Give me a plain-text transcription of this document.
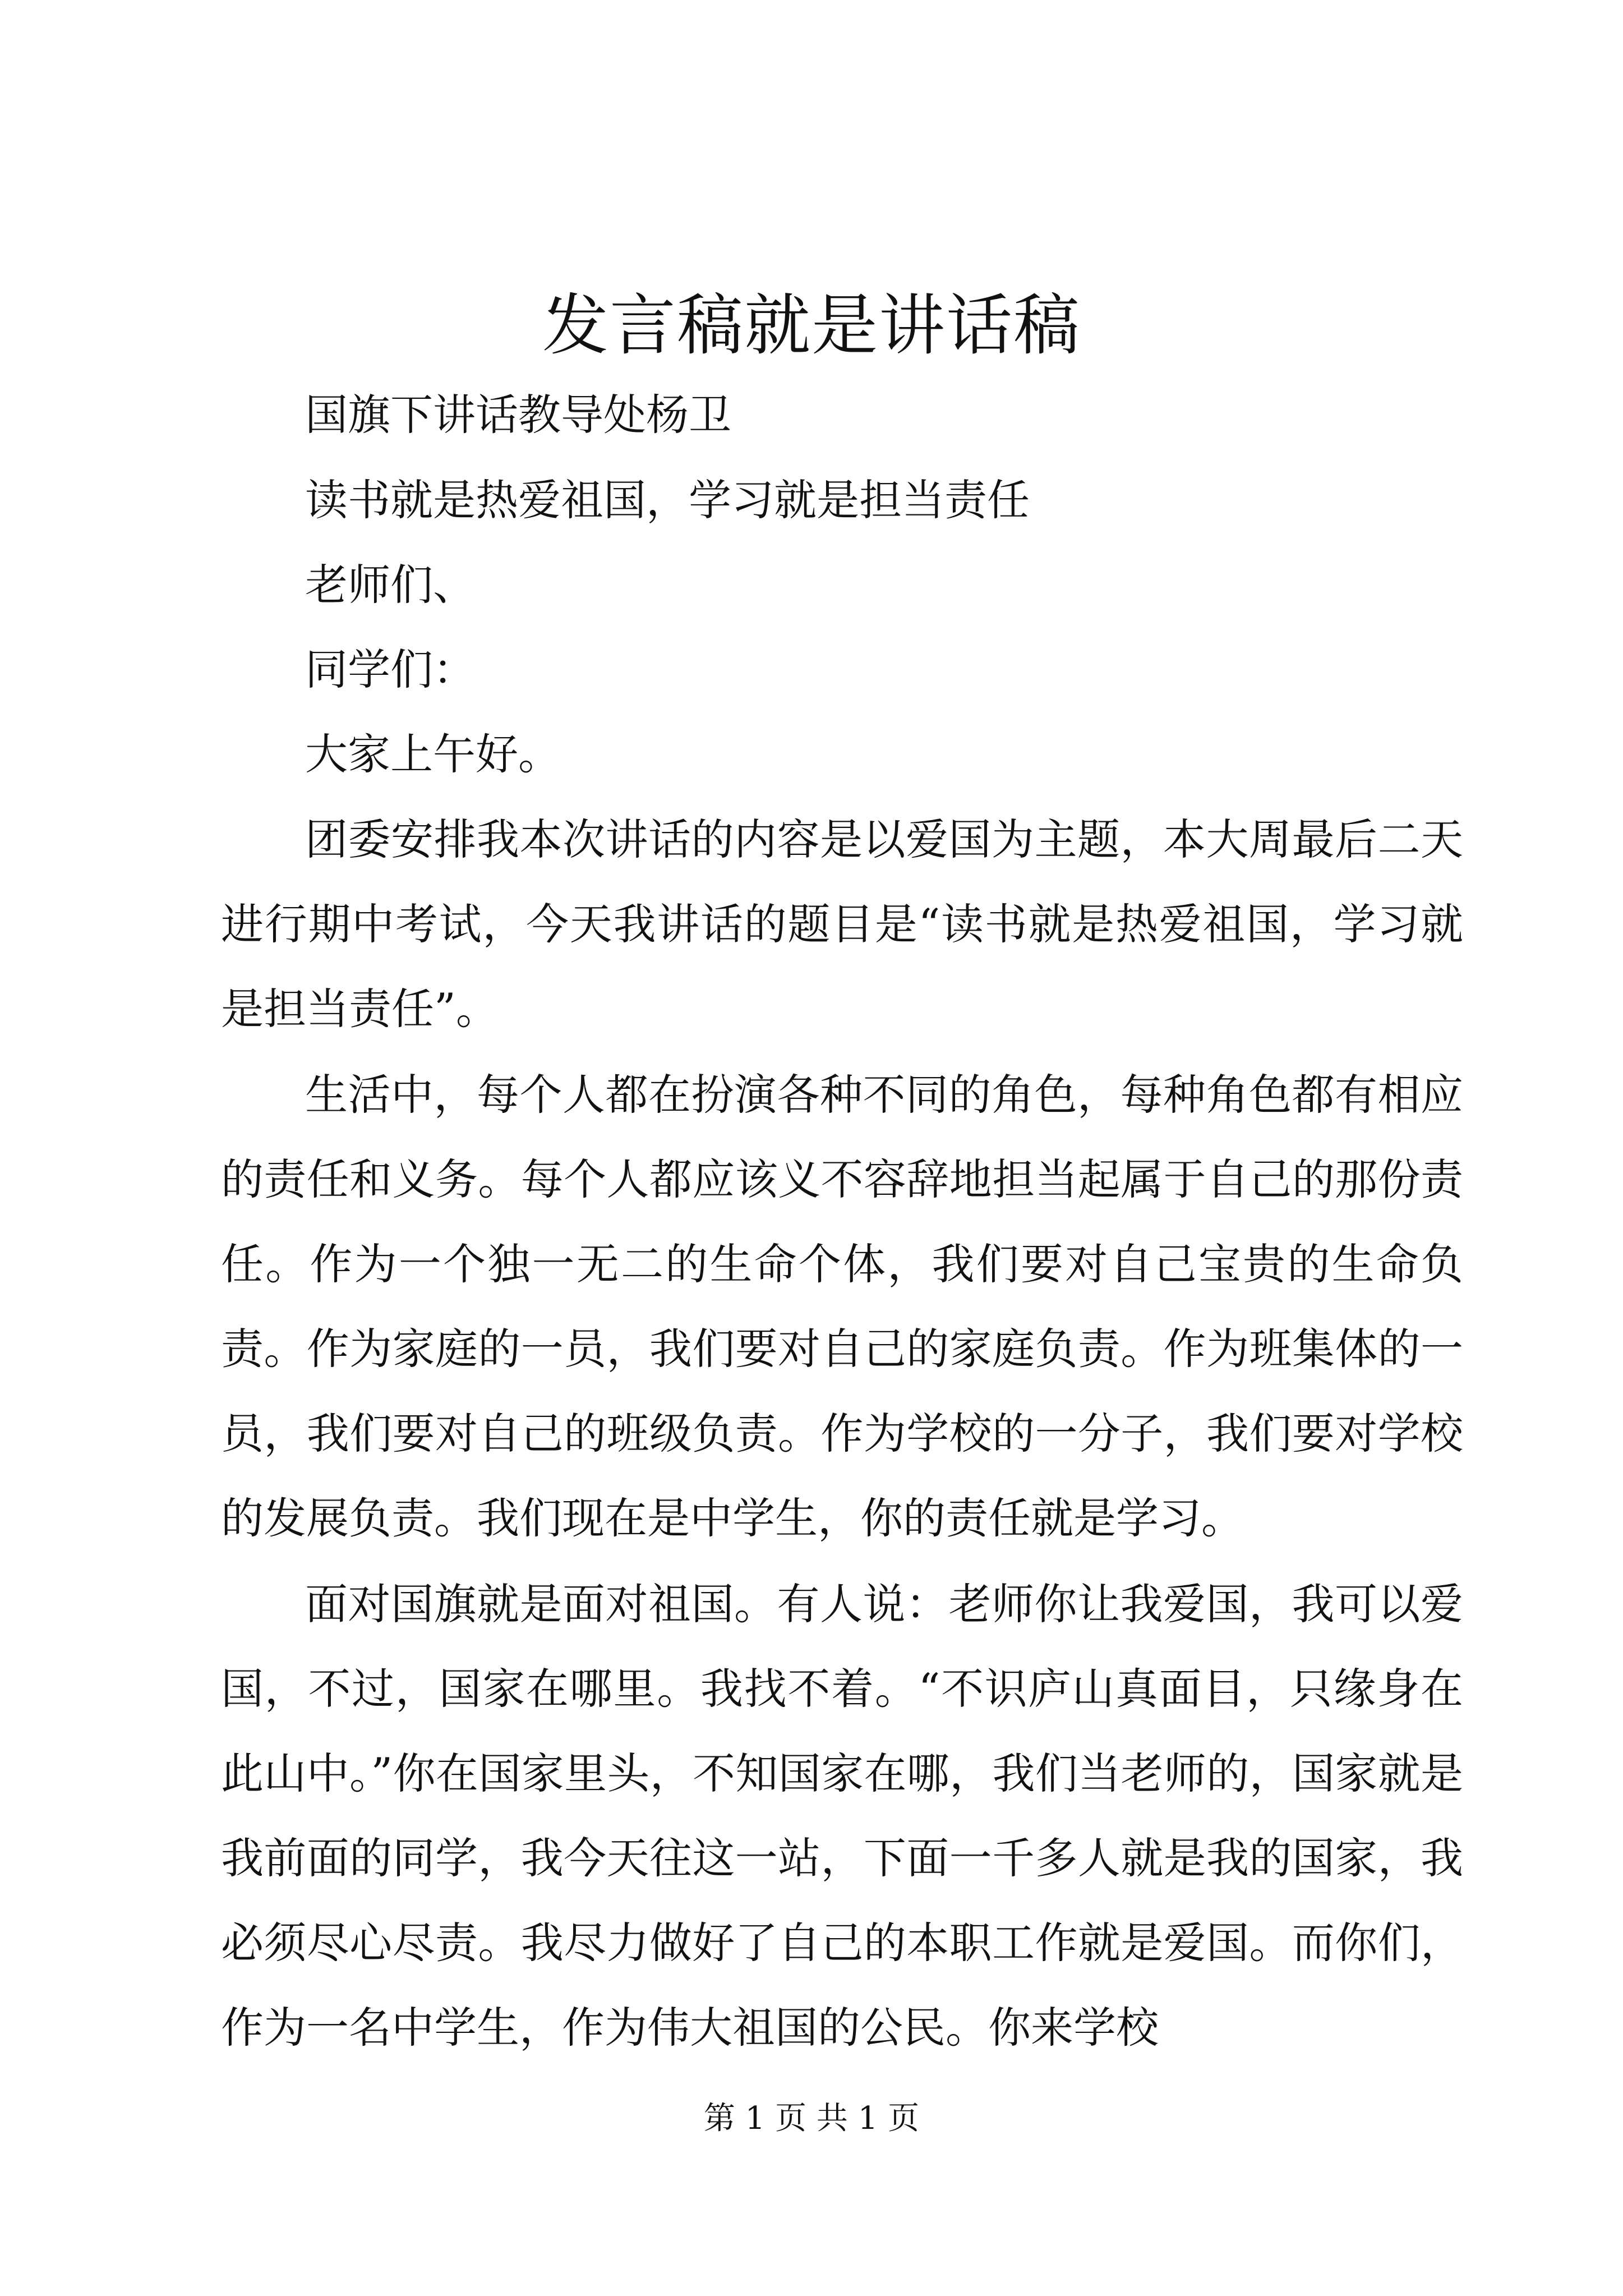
发言稿就是讲话稿
国旗下讲话教导处杨卫
读书就是热爱祖国，学习就是担当责任
老师们、
同学们：
大家上午好。

团委安排我本次讲话的内容是以爱国为主题，本大周最后二天进行期中考试，今天我讲话的题目是“读书就是热爱祖国，学习就是担当责任”。

生活中，每个人都在扮演各种不同的角色，每种角色都有相应的责任和义务。每个人都应该义不容辞地担当起属于自己的那份责任。作为一个独一无二的生命个体，我们要对自己宝贵的生命负责。作为家庭的一员，我们要对自己的家庭负责。作为班集体的一员，我们要对自己的班级负责。作为学校的一分子，我们要对学校的发展负责。我们现在是中学生，你的责任就是学习。

面对国旗就是面对祖国。有人说：老师你让我爱国，我可以爱国，不过，国家在哪里。我找不着。“不识庐山真面目，只缘身在此山中。”你在国家里头，不知国家在哪，我们当老师的，国家就是我前面的同学，我今天往这一站，下面一千多人就是我的国家，我必须尽心尽责。我尽力做好了自己的本职工作就是爱国。而你们，作为一名中学生，作为伟大祖国的公民。你来学校

第 1 页 共 1 页
